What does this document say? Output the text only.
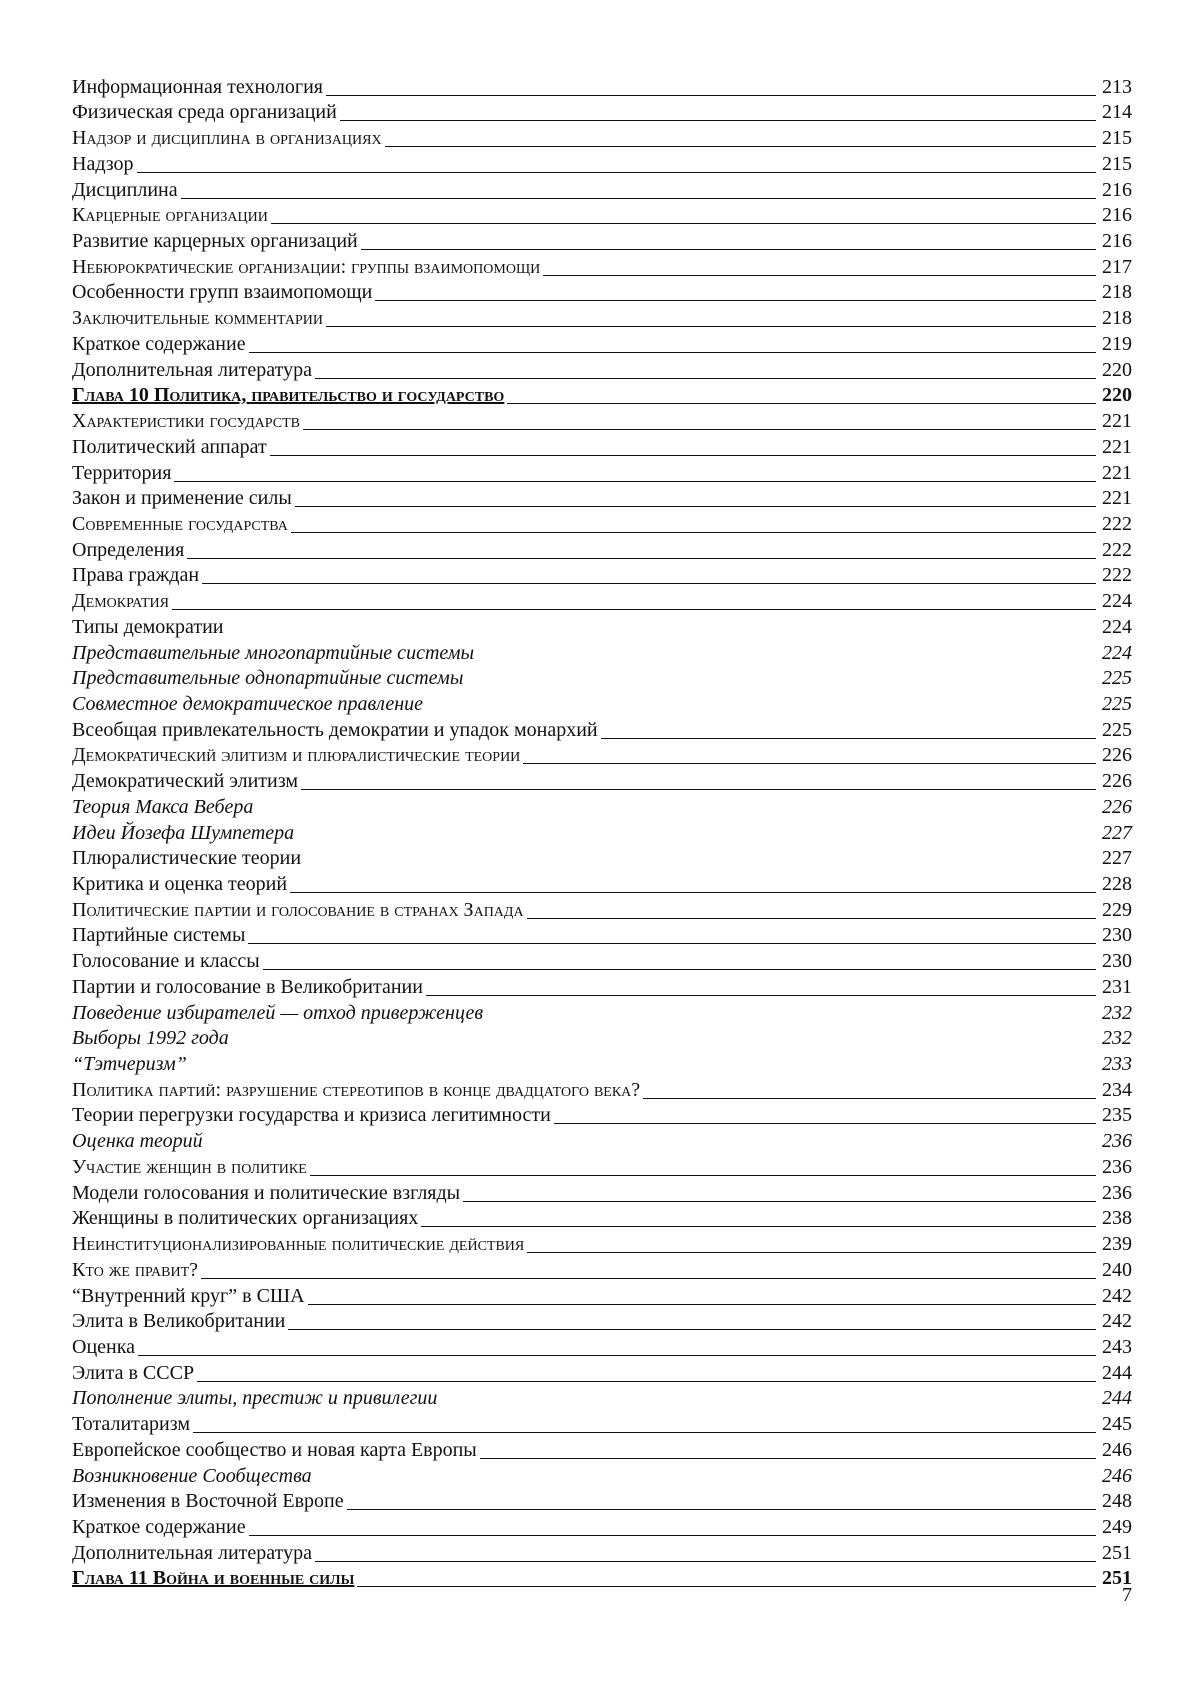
Информационная технология	213
Физическая среда организаций	214
Надзор и дисциплина в организациях	215
Надзор	215
Дисциплина	216
Карцерные организации	216
Развитие карцерных организаций	216
Небюрократические организации: группы взаимопомощи	217
Особенности групп взаимопомощи	218
Заключительные комментарии	218
Краткое содержание	219
Дополнительная литература	220
Глава 10 Политика, правительство и государство	220
Характеристики государств	221
Политический аппарат	221
Территория	221
Закон и применение силы	221
Современные государства	222
Определения	222
Права граждан	222
Демократия	224
Типы демократии	224
Представительные многопартийные системы	224
Представительные однопартийные системы	225
Совместное демократическое правление	225
Всеобщая привлекательность демократии и упадок монархий	225
Демократический элитизм и плюралистические теории	226
Демократический элитизм	226
Теория Макса Вебера	226
Идеи Йозефа Шумпетера	227
Плюралистические теории	227
Критика и оценка теорий	228
Политические партии и голосование в странах Запада	229
Партийные системы	230
Голосование и классы	230
Партии и голосование в Великобритании	231
Поведение избирателей — отход приверженцев	232
Выборы 1992 года	232
“Тэтчеризм”	233
Политика партий: разрушение стереотипов в конце двадцатого века?	234
Теории перегрузки государства и кризиса легитимности	235
Оценка теорий	236
Участие женщин в политике	236
Модели голосования и политические взгляды	236
Женщины в политических организациях	238
Неинституционализированные политические действия	239
Кто же правит?	240
“Внутренний круг” в США	242
Элита в Великобритании	242
Оценка	243
Элита в СССР	244
Пополнение элиты, престиж и привилегии	244
Тоталитаризм	245
Европейское сообщество и новая карта Европы	246
Возникновение Сообщества	246
Изменения в Восточной Европе	248
Краткое содержание	249
Дополнительная литература	251
Глава 11 Война и военные силы	251
7
